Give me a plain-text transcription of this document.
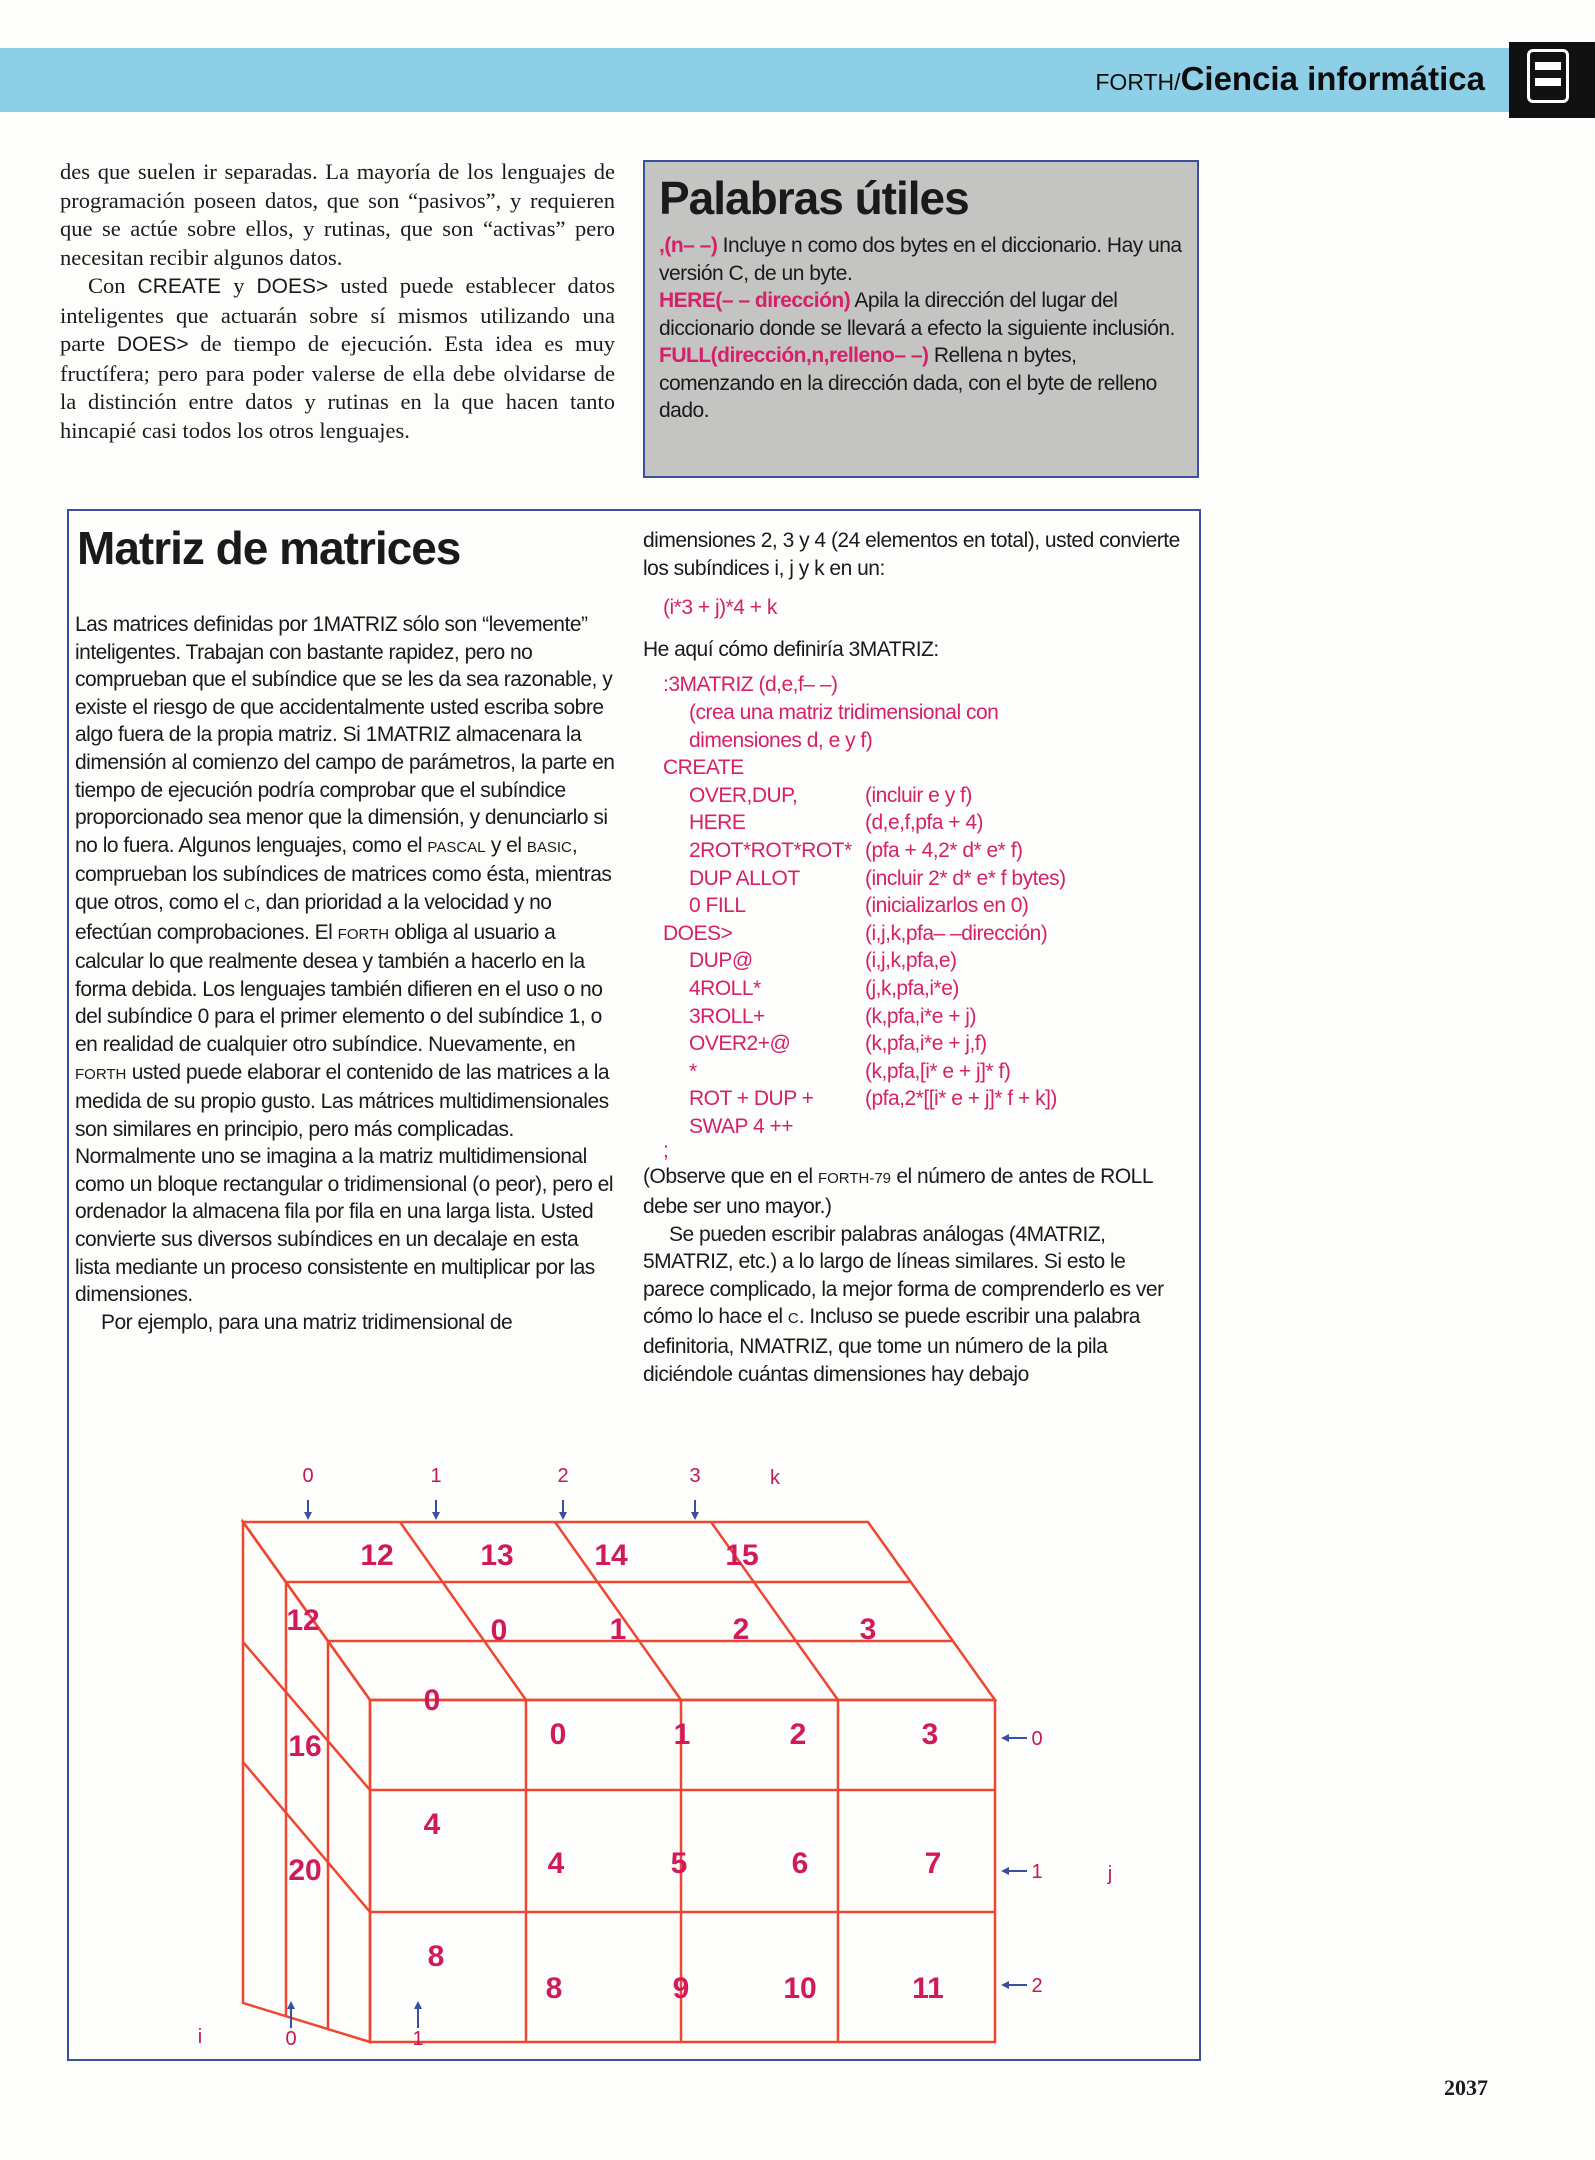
FORTH/Ciencia informática

des que suelen ir separadas. La mayoría de los lenguajes de programación poseen datos, que son “pasivos”, y requieren que se actúe sobre ellos, y rutinas, que son “activas” pero necesitan recibir algunos datos.

Con CREATE y DOES> usted puede establecer datos inteligentes que actuarán sobre sí mismos utilizando una parte DOES> de tiempo de ejecución. Esta idea es muy fructífera; pero para poder valerse de ella debe olvidarse de la distinción entre datos y rutinas en la que hacen tanto hincapié casi todos los otros lenguajes.

Palabras útiles

,(n– –) Incluye n como dos bytes en el diccionario. Hay una versión C, de un byte.

HERE(– – dirección) Apila la dirección del lugar del diccionario donde se llevará a efecto la siguiente inclusión.

FULL(dirección,n,relleno– –) Rellena n bytes, comenzando en la dirección dada, con el byte de relleno dado.

Matriz de matrices

Las matrices definidas por 1MATRIZ sólo son “levemente” inteligentes. Trabajan con bastante rapidez, pero no comprueban que el subíndice que se les da sea razonable, y existe el riesgo de que accidentalmente usted escriba sobre algo fuera de la propia matriz. Si 1MATRIZ almacenara la dimensión al comienzo del campo de parámetros, la parte en tiempo de ejecución podría comprobar que el subíndice proporcionado sea menor que la dimensión, y denunciarlo si no lo fuera. Algunos lenguajes, como el PASCAL y el BASIC, comprueban los subíndices de matrices como ésta, mientras que otros, como el C, dan prioridad a la velocidad y no efectúan comprobaciones. El FORTH obliga al usuario a calcular lo que realmente desea y también a hacerlo en la forma debida. Los lenguajes también difieren en el uso o no del subíndice 0 para el primer elemento o del subíndice 1, o en realidad de cualquier otro subíndice. Nuevamente, en FORTH usted puede elaborar el contenido de las matrices a la medida de su propio gusto. Las mátrices multidimensionales son similares en principio, pero más complicadas. Normalmente uno se imagina a la matriz multidimensional como un bloque rectangular o tridimensional (o peor), pero el ordenador la almacena fila por fila en una larga lista. Usted convierte sus diversos subíndices en un decalaje en esta lista mediante un proceso consistente en multiplicar por las dimensiones.

Por ejemplo, para una matriz tridimensional de

dimensiones 2, 3 y 4 (24 elementos en total), usted convierte los subíndices i, j y k en un:

(i*3 + j)*4 + k

He aquí cómo definiría 3MATRIZ:

:3MATRIZ (d,e,f– –)
(crea una matriz tridimensional con
dimensiones d, e y f)
CREATE
OVER,DUP,	(incluir e y f)
HERE	(d,e,f,pfa + 4)
2ROT*ROT*ROT* (pfa + 4,2* d* e* f)
DUP ALLOT	(incluir 2* d* e* f bytes)
0 FILL	(inicializarlos en 0)
DOES>	(i,j,k,pfa– –dirección)
DUP@	(i,j,k,pfa,e)
4ROLL*	(j,k,pfa,i*e)
3ROLL+	(k,pfa,i*e + j)
OVER2+@	(k,pfa,i*e + j,f)
*	(k,pfa,[i* e + j]* f)
ROT + DUP + (pfa,2*[[i* e + j]* f + k])
SWAP 4 ++
;

(Observe que en el FORTH-79 el número de antes de ROLL debe ser uno mayor.)

Se pueden escribir palabras análogas (4MATRIZ, 5MATRIZ, etc.) a lo largo de líneas similares. Si esto le parece complicado, la mejor forma de comprenderlo es ver cómo lo hace el C. Incluso se puede escribir una palabra definitoria, NMATRIZ, que tome un número de la pila diciéndole cuántas dimensiones hay debajo

0	1	2	3	k
0
1
2
j
0	1
i
12	13	14	15
0	1	2	3
12
16
20
0
4
8
0	1	2	3
4	5	6	7
8	9	10	11
2037
